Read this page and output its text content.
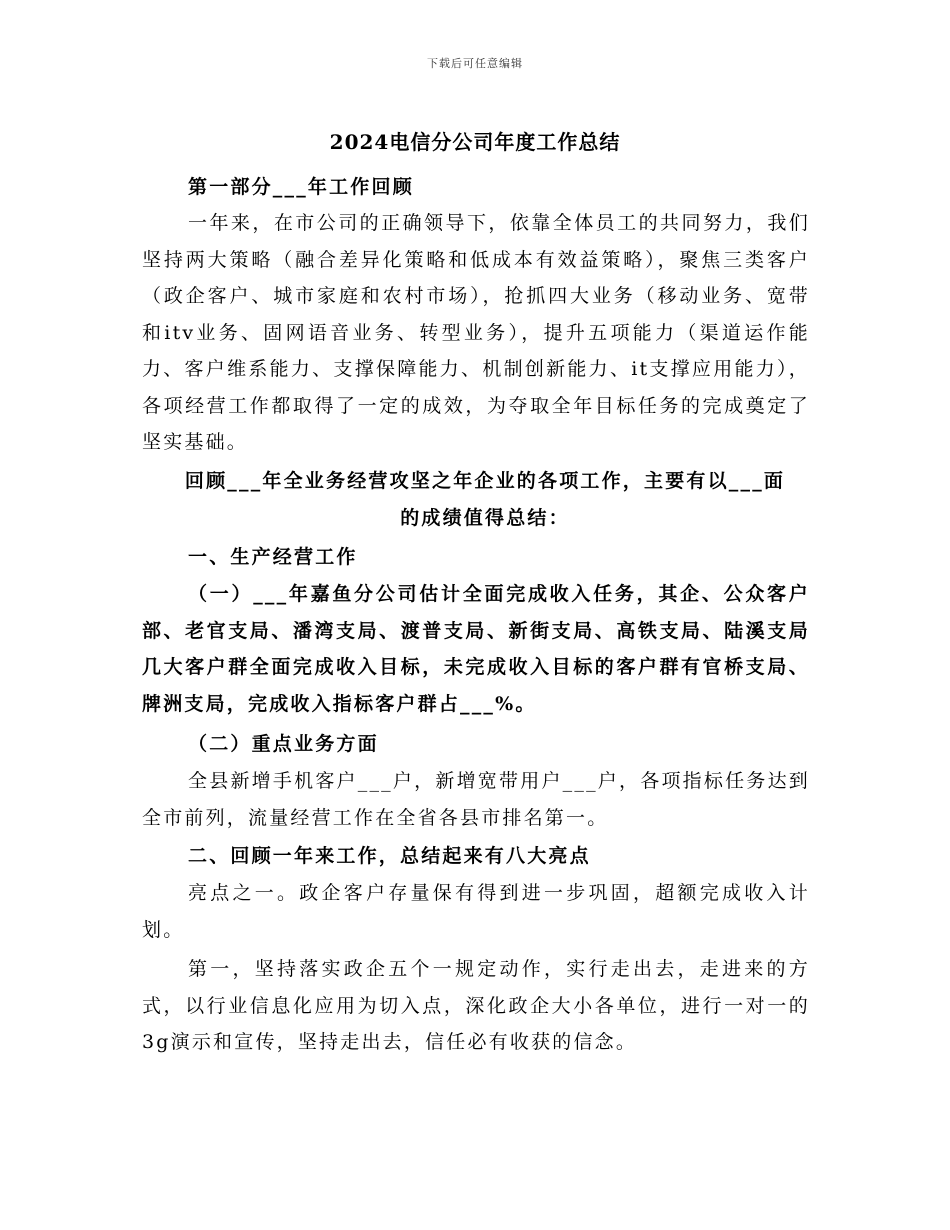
下载后可任意编辑
2024电信分公司年度工作总结
第一部分___年工作回顾
一年来，在市公司的正确领导下，依靠全体员工的共同努力，我们坚持两大策略（融合差异化策略和低成本有效益策略），聚焦三类客户（政企客户、城市家庭和农村市场），抢抓四大业务（移动业务、宽带和itv业务、固网语音业务、转型业务），提升五项能力（渠道运作能力、客户维系能力、支撑保障能力、机制创新能力、it支撑应用能力），各项经营工作都取得了一定的成效，为夺取全年目标任务的完成奠定了坚实基础。
回顾___年全业务经营攻坚之年企业的各项工作，主要有以___面的成绩值得总结：
一、生产经营工作
（一）___年嘉鱼分公司估计全面完成收入任务，其企、公众客户部、老官支局、潘湾支局、渡普支局、新街支局、高铁支局、陆溪支局几大客户群全面完成收入目标，未完成收入目标的客户群有官桥支局、牌洲支局，完成收入指标客户群占___%。
（二）重点业务方面
全县新增手机客户___户，新增宽带用户___户，各项指标任务达到全市前列，流量经营工作在全省各县市排名第一。
二、回顾一年来工作，总结起来有八大亮点
亮点之一。政企客户存量保有得到进一步巩固，超额完成收入计划。
第一，坚持落实政企五个一规定动作，实行走出去，走进来的方式，以行业信息化应用为切入点，深化政企大小各单位，进行一对一的3g演示和宣传，坚持走出去，信任必有收获的信念。
